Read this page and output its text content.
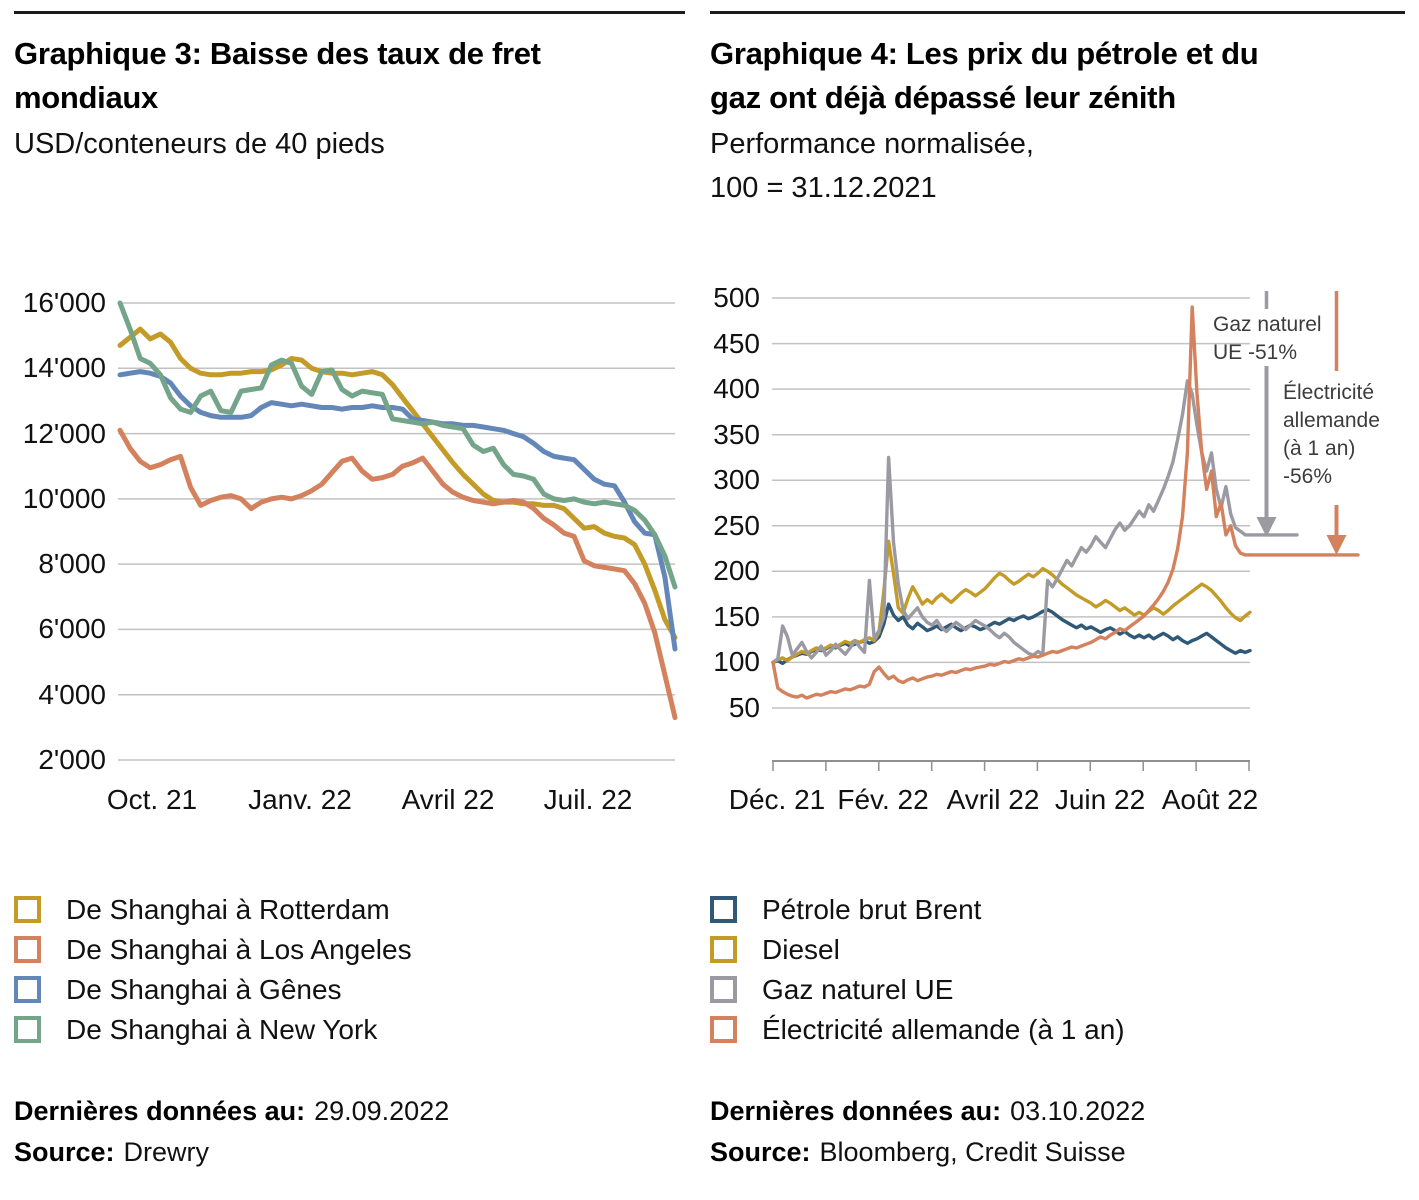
Graphique 3: Baisse des taux de fret
mondiaux
USD/conteneurs de 40 pieds
Graphique 4: Les prix du pétrole et du
gaz ont déjà dépassé leur zénith
Performance normalisée,
100 = 31.12.2021
16'000
14'000
12'000
10'000
8'000
6'000
4'000
2'000
Oct. 21 Janv. 22 Avril 22 Juil. 22
500
450
400
350
300
250
200
150
100
50
Déc. 21 Fév. 22 Avril 22 Juin 22 Août 22
De Shanghai à Rotterdam
De Shanghai à Los Angeles
De Shanghai à Gênes
De Shanghai à New York
Pétrole brut Brent
Diesel
Gaz naturel UE
Électricité allemande (à 1 an)
Gaz naturel
UE -51%
Électricité
allemande
(à 1 an)
-56%
Dernières données au: 29.09.2022
Source: Drewry
Dernières données au: 03.10.2022
Source: Bloomberg, Credit Suisse
